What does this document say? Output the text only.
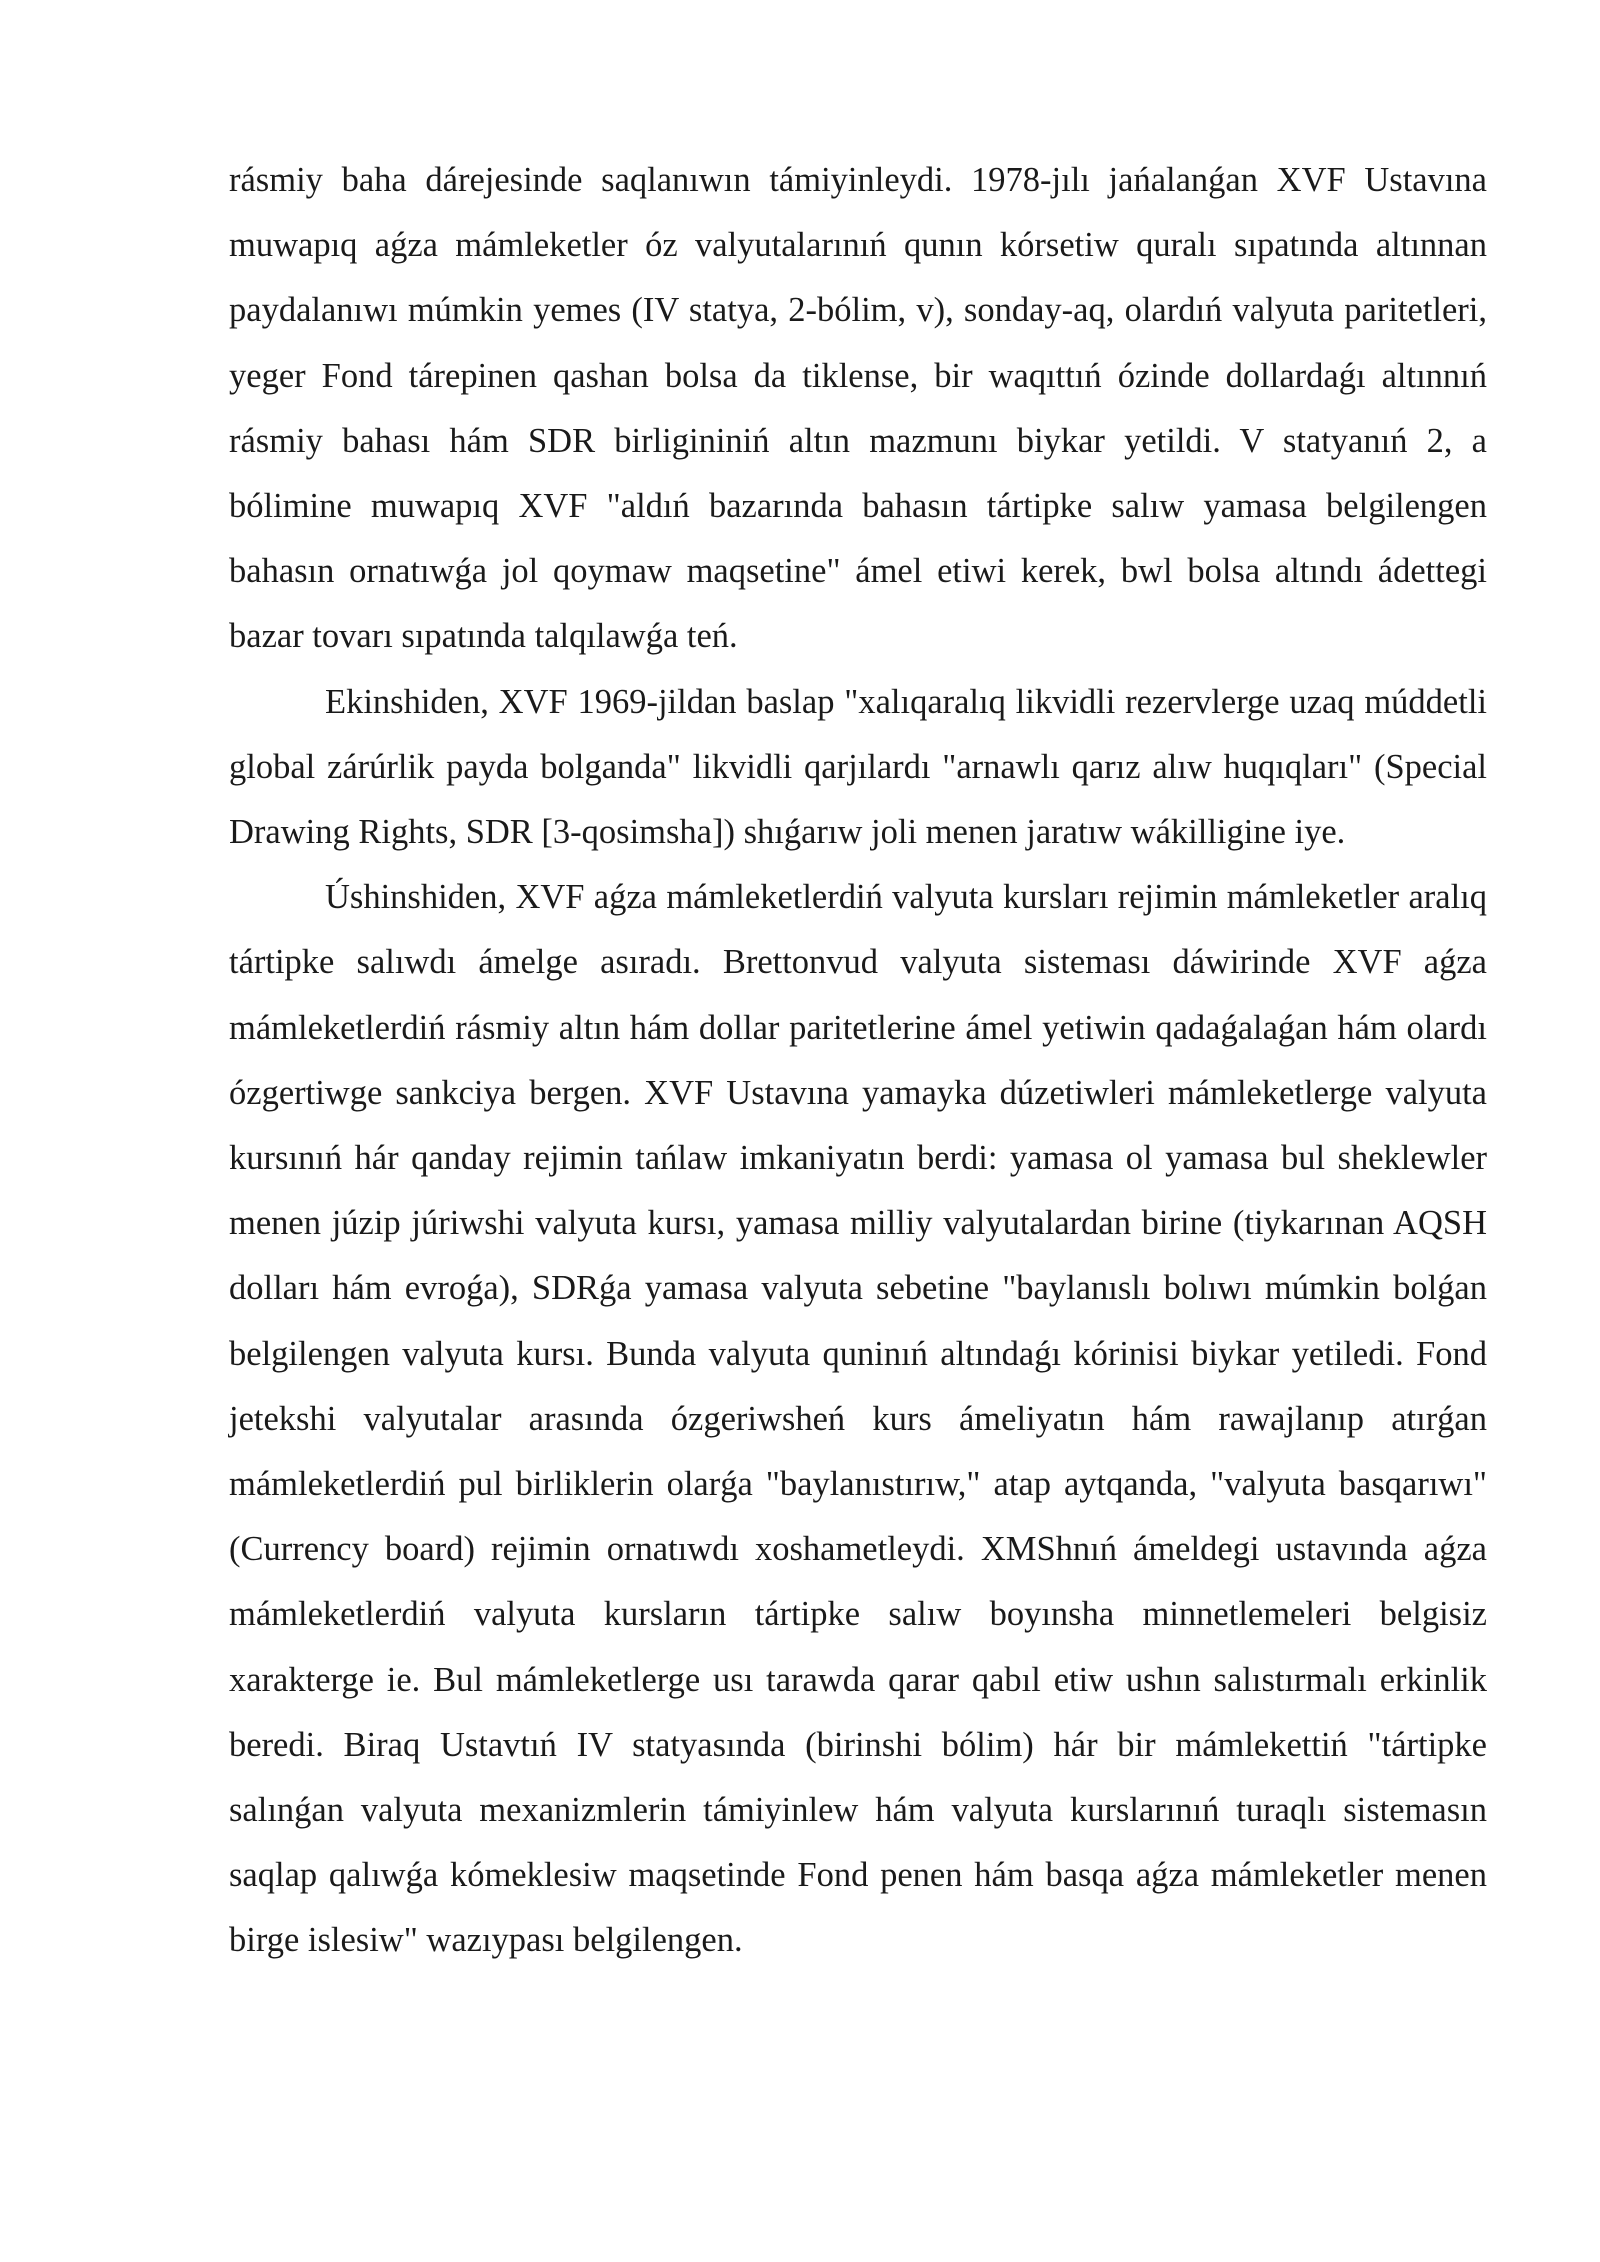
rásmiy baha dárejesinde saqlanıwın támiyinleydi. 1978-jılı jańalanǵan XVF Ustavına muwapıq aǵza mámleketler óz valyutalarınıń qunın kórsetiw quralı sıpatında altınnan paydalanıwı múmkin yemes (IV statya, 2-bólim, v), sonday-aq, olardıń valyuta paritetleri, yeger Fond tárepinen qashan bolsa da tiklense, bir waqıttıń ózinde dollardaǵı altınnıń rásmiy bahası hám SDR birligininiń altın mazmunı biykar yetildi. V statyanıń 2, a bólimine muwapıq XVF "aldıń bazarında bahasın tártipke salıw yamasa belgilengen bahasın ornatıwǵa jol qoymaw maqsetine" ámel etiwi kerek, bwl bolsa altındı ádettegi bazar tovarı sıpatında talqılawǵa teń.

Ekinshiden, XVF 1969-jildan baslap "xalıqaralıq likvidli rezervlerge uzaq múddetli global zárúrlik payda bolganda" likvidli qarjılardı "arnawlı qarız alıw huqıqları" (Special Drawing Rights, SDR [3-qosimsha]) shıǵarıw joli menen jaratıw wákilligine iye.

Úshinshiden, XVF aǵza mámleketlerdiń valyuta kursları rejimin mámleketler aralıq tártipke salıwdı ámelge asıradı. Brettonvud valyuta sisteması dáwirinde XVF aǵza mámleketlerdiń rásmiy altın hám dollar paritetlerine ámel yetiwin qadaǵalaǵan hám olardı ózgertiwge sankciya bergen. XVF Ustavına yamayka dúzetiwleri mámleketlerge valyuta kursınıń hár qanday rejimin tańlaw imkaniyatın berdi: yamasa ol yamasa bul sheklewler menen júzip júriwshi valyuta kursı, yamasa milliy valyutalardan birine (tiykarınan AQSH dolları hám evroǵa), SDRǵa yamasa valyuta sebetine "baylanıslı bolıwı múmkin bolǵan belgilengen valyuta kursı. Bunda valyuta quninıń altındaǵı kórinisi biykar yetiledi. Fond jetekshi valyutalar arasında ózgeriwsheń kurs ámeliyatın hám rawajlanıp atırǵan mámleketlerdiń pul birliklerin olarǵa "baylanıstırıw," atap aytqanda, "valyuta basqarıwı" (Currency board) rejimin ornatıwdı xoshametleydi. XMShnıń ámeldegi ustavında aǵza mámleketlerdiń valyuta kursların tártipke salıw boyınsha minnetlemeleri belgisiz xarakterge ie. Bul mámleketlerge usı tarawda qarar qabıl etiw ushın salıstırmalı erkinlik beredi. Biraq Ustavtıń IV statyasında (birinshi bólim) hár bir mámlekettiń "tártipke salınǵan valyuta mexanizmlerin támiyinlew hám valyuta kurslarınıń turaqlı sistemasın saqlap qalıwǵa kómeklesiw maqsetinde Fond penen hám basqa aǵza mámleketler menen birge islesiw" wazıypası belgilengen.
